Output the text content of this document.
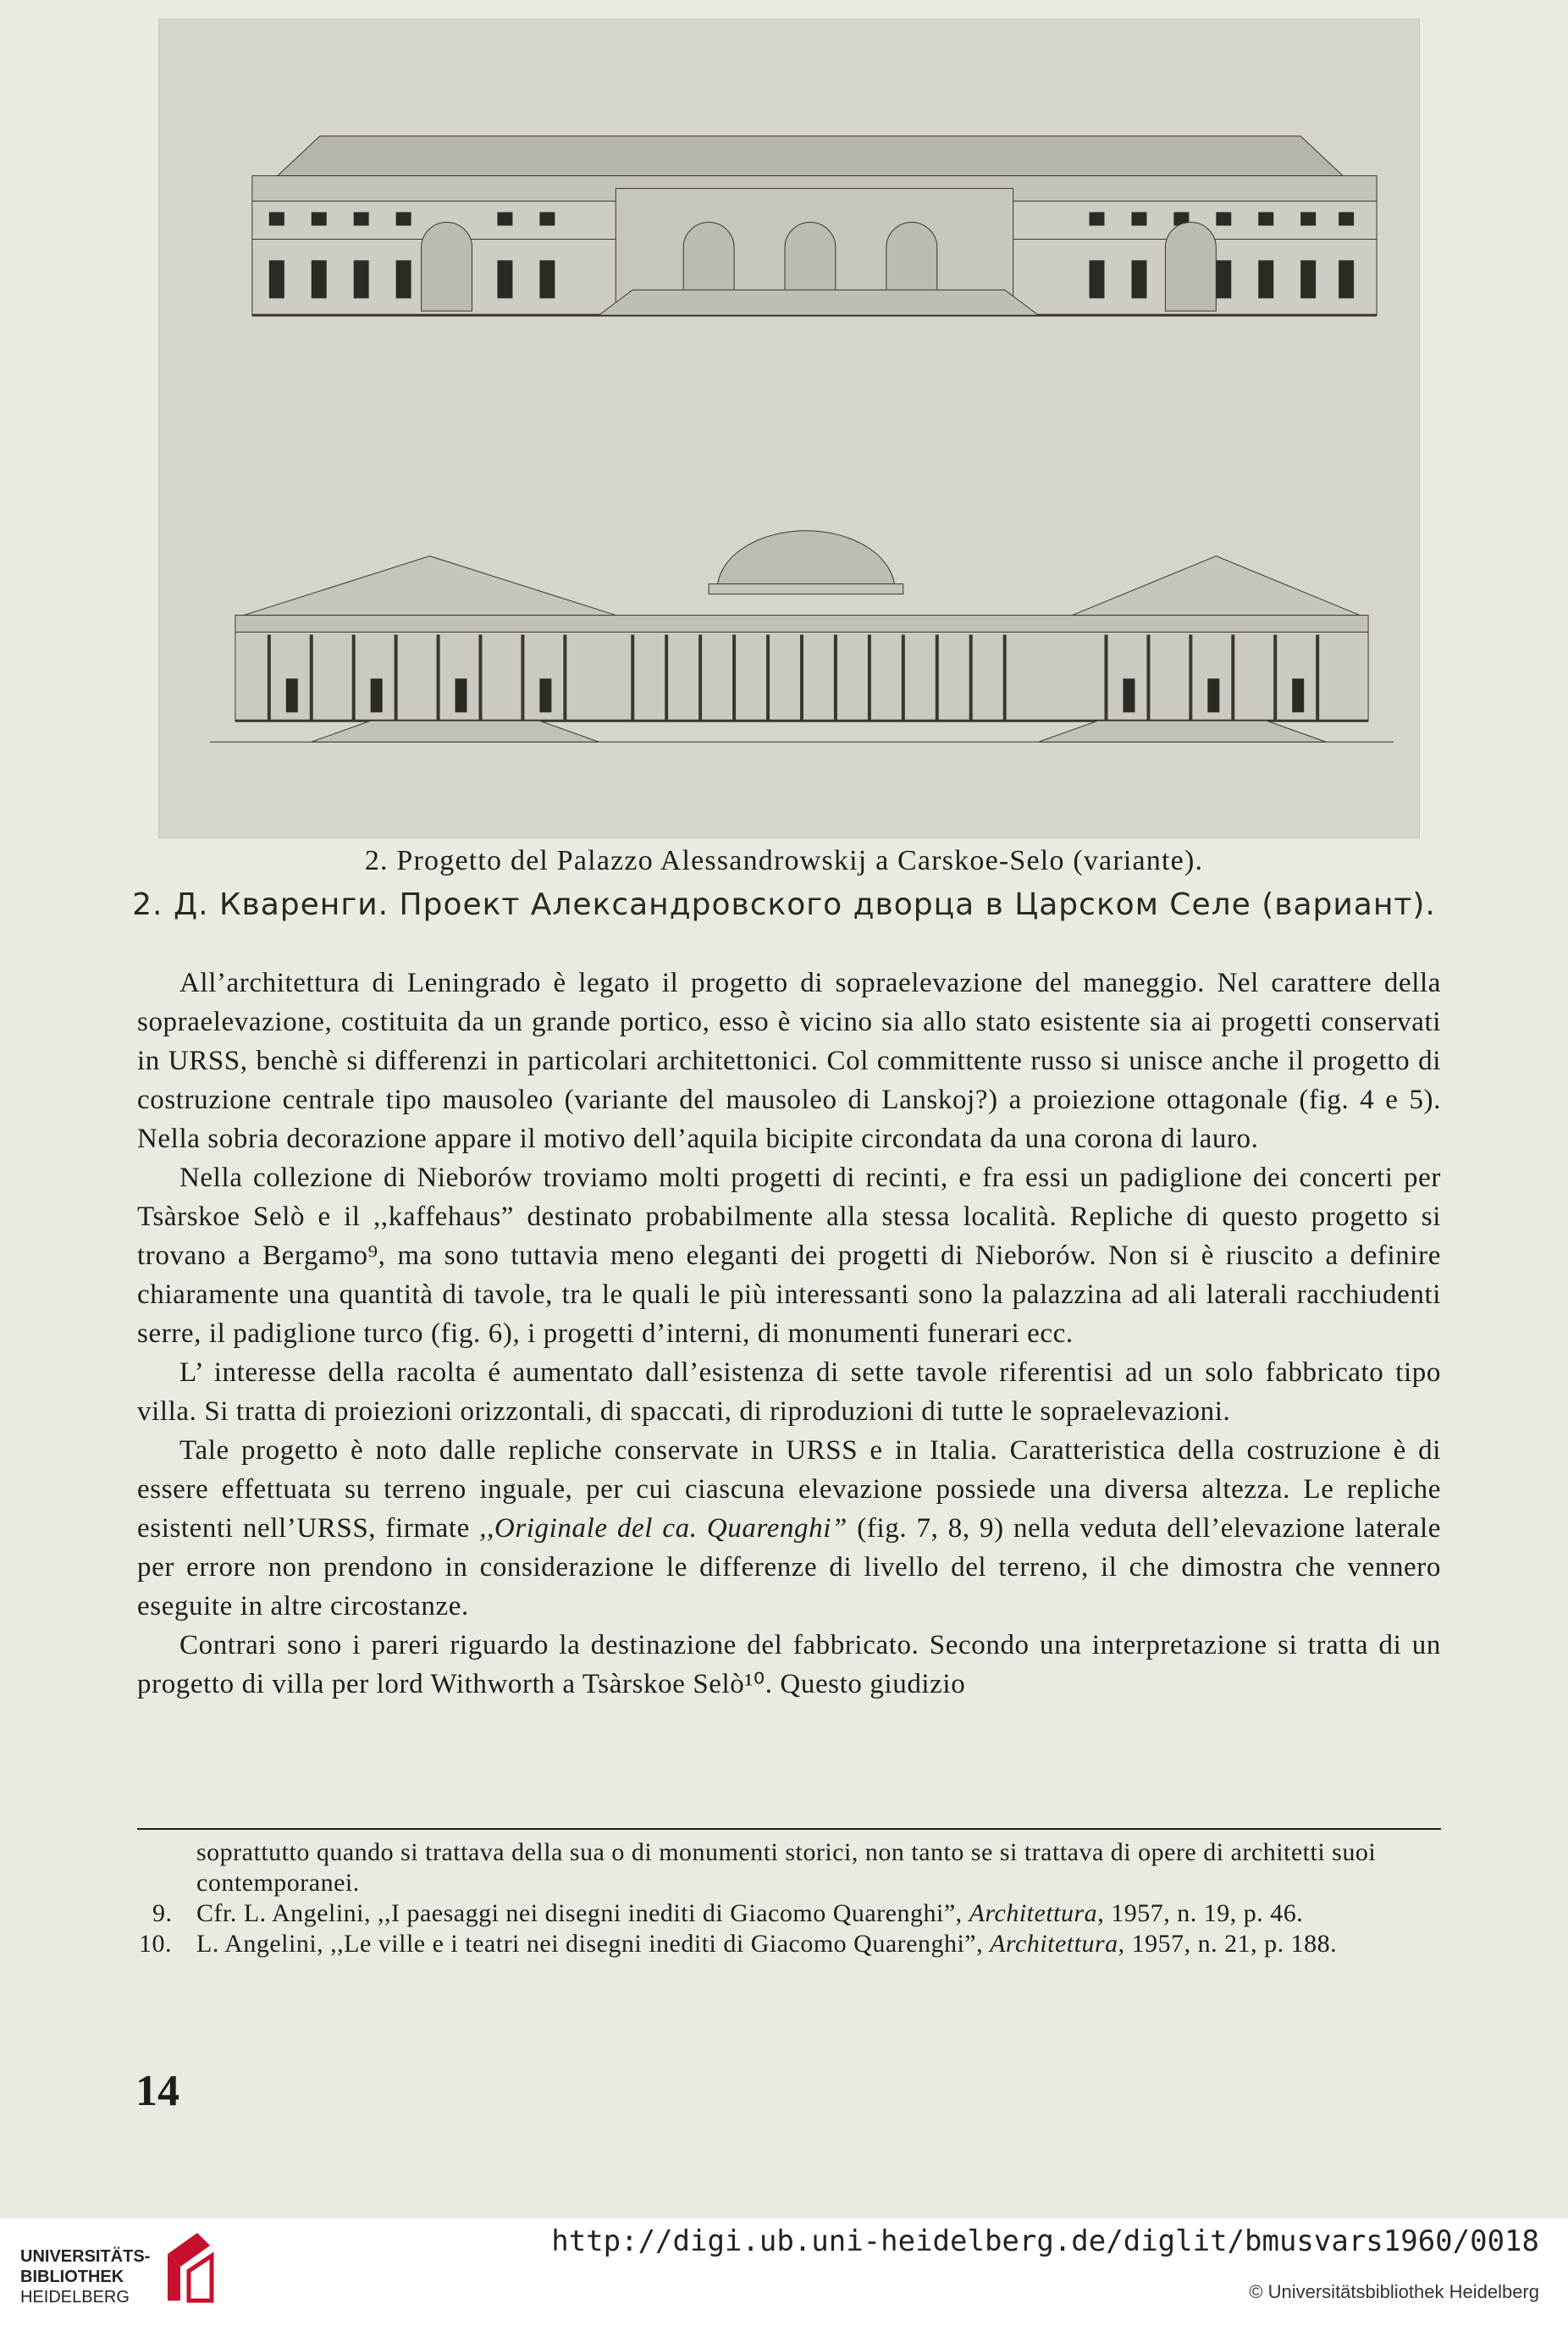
2. Progetto del Palazzo Alessandrowskij a Carskoe-Selo (variante).
2. Д. Кваренги. Проект Александровского дворца в Царском Селе (вариант).

All’architettura di Leningrado è legato il progetto di sopraelevazione del maneggio. Nel carattere della sopraelevazione, costituita da un grande portico, esso è vicino sia allo stato esistente sia ai progetti conservati in URSS, benchè si differenzi in particolari architettonici. Col committente russo si unisce anche il progetto di costruzione centrale tipo mausoleo (variante del mausoleo di Lanskoj?) a proiezione ottagonale (fig. 4 e 5). Nella sobria decorazione appare il motivo dell’aquila bicipite circondata da una corona di lauro.

Nella collezione di Nieborów troviamo molti progetti di recinti, e fra essi un padiglione dei concerti per Tsàrskoe Selò e il ,,kaffehaus” destinato probabilmente alla stessa località. Repliche di questo progetto si trovano a Bergamo⁹, ma sono tuttavia meno eleganti dei progetti di Nieborów. Non si è riuscito a definire chiaramente una quantità di tavole, tra le quali le più interessanti sono la palazzina ad ali laterali racchiudenti serre, il padiglione turco (fig. 6), i progetti d’interni, di monumenti funerari ecc.

L’ interesse della racolta é aumentato dall’esistenza di sette tavole riferentisi ad un solo fabbricato tipo villa. Si tratta di proiezioni orizzontali, di spaccati, di riproduzioni di tutte le sopraelevazioni.

Tale progetto è noto dalle repliche conservate in URSS e in Italia. Caratteristica della costruzione è di essere effettuata su terreno inguale, per cui ciascuna elevazione possiede una diversa altezza. Le repliche esistenti nell’URSS, firmate ,,Originale del ca. Quarenghi” (fig. 7, 8, 9) nella veduta dell’elevazione laterale per errore non prendono in considerazione le differenze di livello del terreno, il che dimostra che vennero eseguite in altre circostanze.

Contrari sono i pareri riguardo la destinazione del fabbricato. Secondo una interpretazione si tratta di un progetto di villa per lord Withworth a Tsàrskoe Selò¹⁰. Questo giudizio

soprattutto quando si trattava della sua o di monumenti storici, non tanto se si trattava di opere di architetti suoi contemporanei.
9. Cfr. L. Angelini, ,,I paesaggi nei disegni inediti di Giacomo Quarenghi”, Architettura, 1957, n. 19, p. 46.
10. L. Angelini, ,,Le ville e i teatri nei disegni inediti di Giacomo Quarenghi”, Architettura, 1957, n. 21, p. 188.
14
UNIVERSITÄTS-
BIBLIOTHEK
HEIDELBERG
http://digi.ub.uni-heidelberg.de/diglit/bmusvars1960/0018
© Universitätsbibliothek Heidelberg
